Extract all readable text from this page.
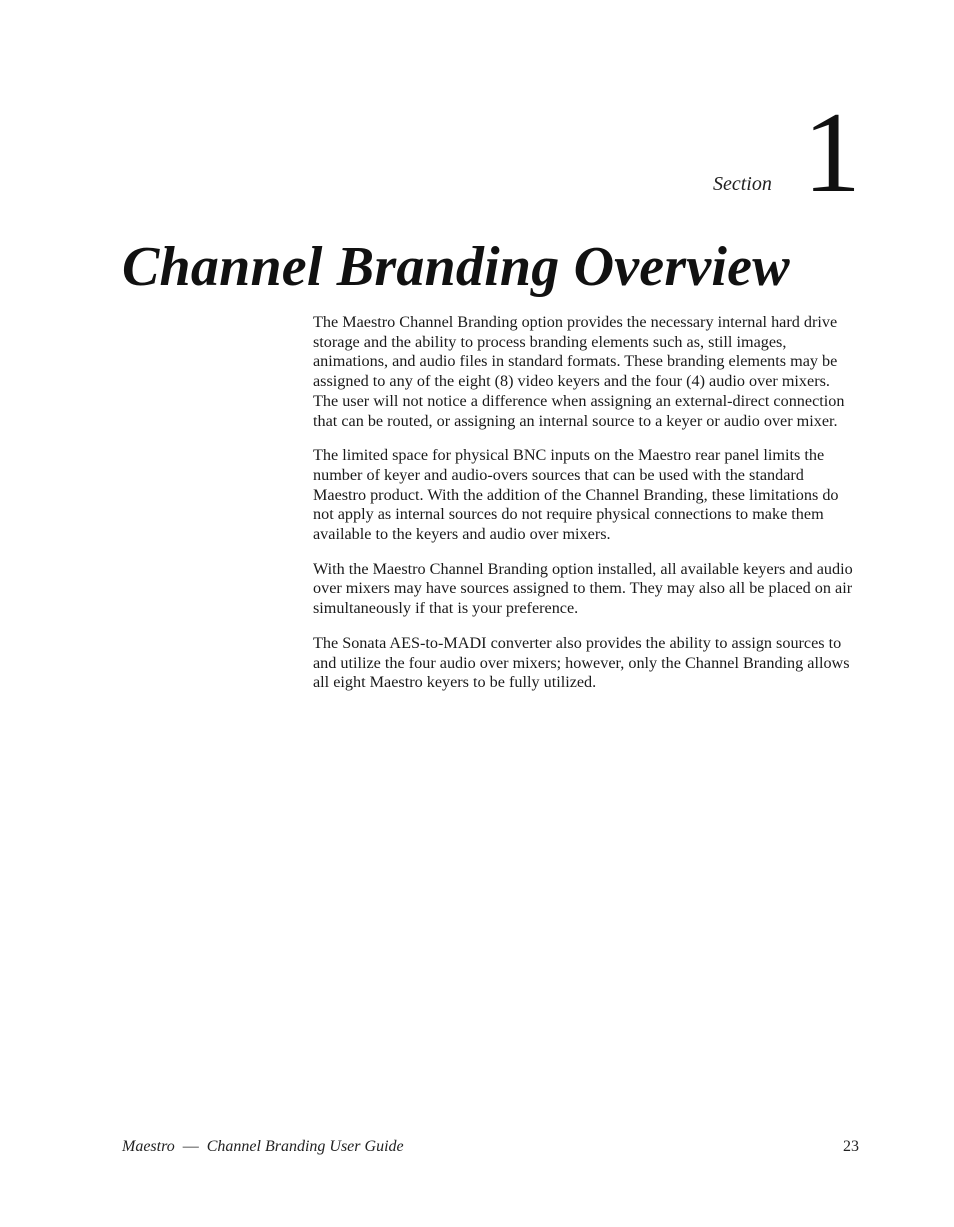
Section 1
Channel Branding Overview

The Maestro Channel Branding option provides the necessary internal hard drive storage and the ability to process branding elements such as, still images, animations, and audio files in standard formats. These branding elements may be assigned to any of the eight (8) video keyers and the four (4) audio over mixers. The user will not notice a difference when assigning an external-direct connection that can be routed, or assigning an internal source to a keyer or audio over mixer.

The limited space for physical BNC inputs on the Maestro rear panel limits the number of keyer and audio-overs sources that can be used with the standard Maestro product. With the addition of the Channel Branding, these limitations do not apply as internal sources do not require physical connections to make them available to the keyers and audio over mixers.

With the Maestro Channel Branding option installed, all available keyers and audio over mixers may have sources assigned to them. They may also all be placed on air simultaneously if that is your preference.

The Sonata AES-to-MADI converter also provides the ability to assign sources to and utilize the four audio over mixers; however, only the Channel Branding allows all eight Maestro keyers to be fully utilized.

Maestro — Channel Branding User Guide	23
